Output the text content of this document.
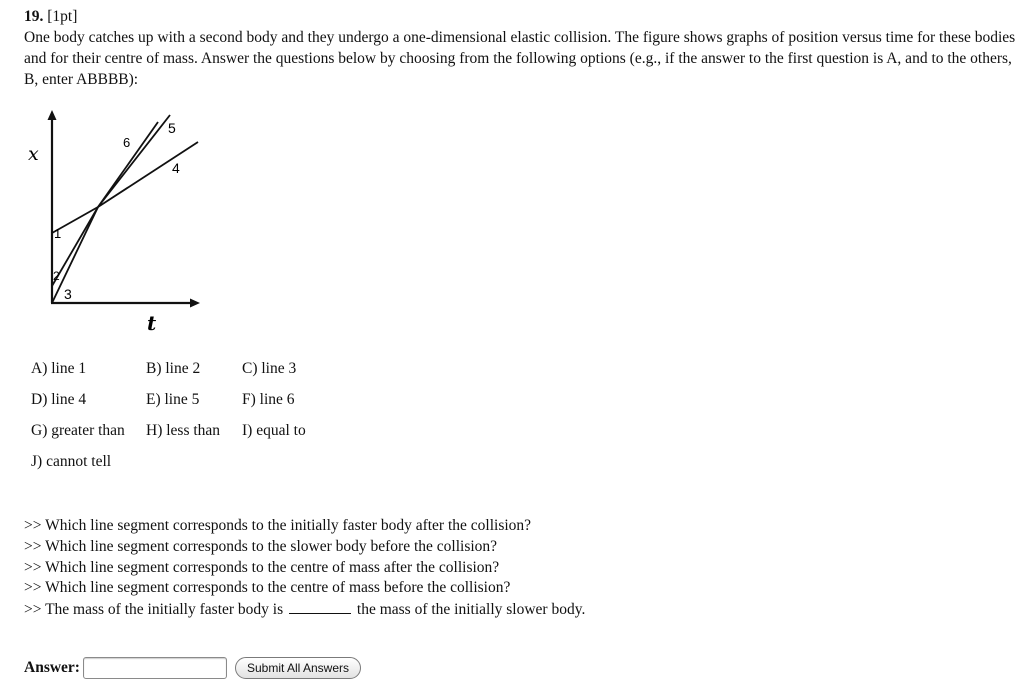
19. [1pt]
One body catches up with a second body and they undergo a one-dimensional elastic collision. The figure shows graphs of position versus time for these bodies and for their centre of mass. Answer the questions below by choosing from the following options (e.g., if the answer to the first question is A, and to the others, B, enter ABBBB):
x
t
1
2
3
4
5
6
A) line 1	B) line 2	C) line 3
D) line 4	E) line 5	F) line 6
G) greater than	H) less than	I) equal to
J) cannot tell
>> Which line segment corresponds to the initially faster body after the collision?
>> Which line segment corresponds to the slower body before the collision?
>> Which line segment corresponds to the centre of mass after the collision?
>> Which line segment corresponds to the centre of mass before the collision?
>> The mass of the initially faster body is	the mass of the initially slower body.
Answer:	Submit All Answers
